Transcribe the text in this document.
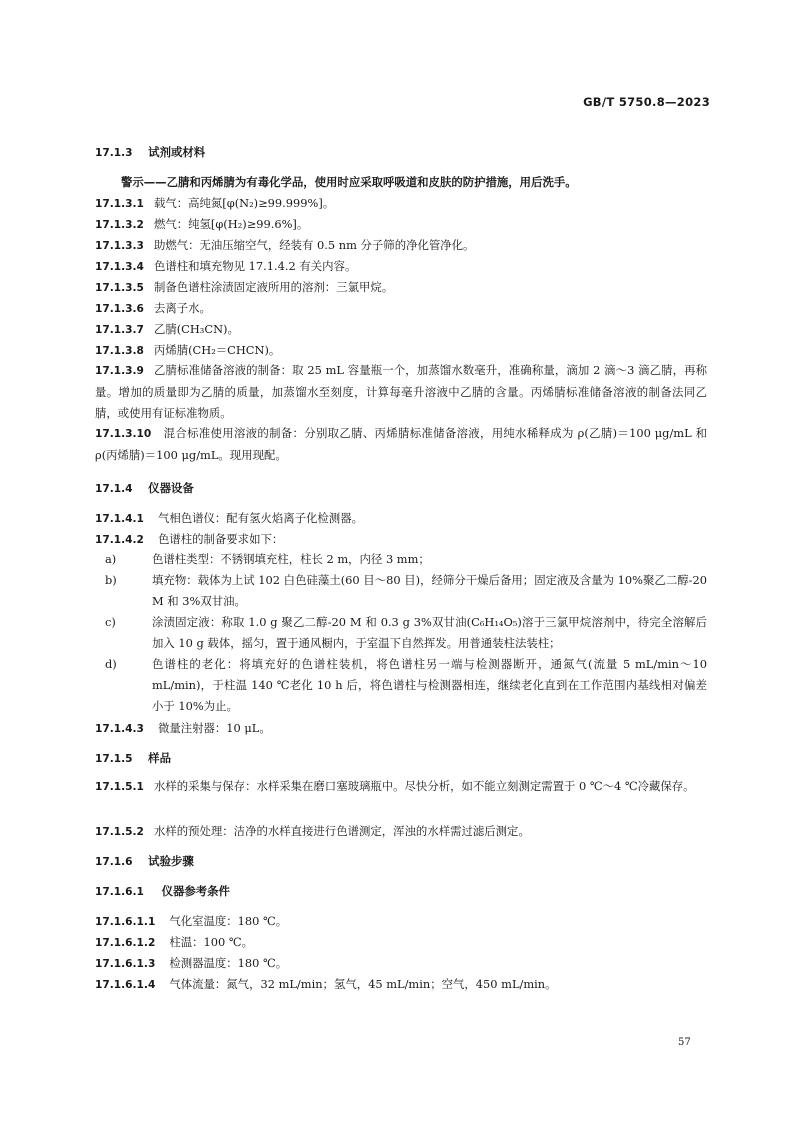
GB/T 5750.8—2023
17.1.3 试剂或材料
警示——乙腈和丙烯腈为有毒化学品，使用时应采取呼吸道和皮肤的防护措施，用后洗手。
17.1.3.1 载气：高纯氮[φ(N₂)≥99.999%]。
17.1.3.2 燃气：纯氢[φ(H₂)≥99.6%]。
17.1.3.3 助燃气：无油压缩空气，经装有 0.5 nm 分子筛的净化管净化。
17.1.3.4 色谱柱和填充物见 17.1.4.2 有关内容。
17.1.3.5 制备色谱柱涂渍固定液所用的溶剂：三氯甲烷。
17.1.3.6 去离子水。
17.1.3.7 乙腈(CH₃CN)。
17.1.3.8 丙烯腈(CH₂＝CHCN)。
17.1.3.9 乙腈标准储备溶液的制备：取 25 mL 容量瓶一个，加蒸馏水数毫升，准确称量，滴加 2 滴～3 滴乙腈，再称量。增加的质量即为乙腈的质量，加蒸馏水至刻度，计算每毫升溶液中乙腈的含量。丙烯腈标准储备溶液的制备法同乙腈，或使用有证标准物质。
17.1.3.10 混合标准使用溶液的制备：分别取乙腈、丙烯腈标准储备溶液，用纯水稀释成为 ρ(乙腈)＝100 μg/mL 和 ρ(丙烯腈)＝100 μg/mL。现用现配。
17.1.4 仪器设备
17.1.4.1 气相色谱仪：配有氢火焰离子化检测器。
17.1.4.2 色谱柱的制备要求如下：
a)	色谱柱类型：不锈钢填充柱，柱长 2 m，内径 3 mm；
b)	填充物：载体为上试 102 白色硅藻土(60 目～80 目)，经筛分干燥后备用；固定液及含量为 10%聚乙二醇-20 M 和 3%双甘油。
c)	涂渍固定液：称取 1.0 g 聚乙二醇-20 M 和 0.3 g 3%双甘油(C₆H₁₄O₅)溶于三氯甲烷溶剂中，待完全溶解后加入 10 g 载体，摇匀，置于通风橱内，于室温下自然挥发。用普通装柱法装柱；
d)	色谱柱的老化：将填充好的色谱柱装机，将色谱柱另一端与检测器断开，通氮气(流量 5 mL/min～10 mL/min)，于柱温 140 ℃老化 10 h 后，将色谱柱与检测器相连，继续老化直到在工作范围内基线相对偏差小于 10%为止。
17.1.4.3 微量注射器：10 μL。
17.1.5 样品
17.1.5.1 水样的采集与保存：水样采集在磨口塞玻璃瓶中。尽快分析，如不能立刻测定需置于 0 ℃～4 ℃冷藏保存。
17.1.5.2 水样的预处理：洁净的水样直接进行色谱测定，浑浊的水样需过滤后测定。
17.1.6 试验步骤
17.1.6.1 仪器参考条件
17.1.6.1.1 气化室温度：180 ℃。
17.1.6.1.2 柱温：100 ℃。
17.1.6.1.3 检测器温度：180 ℃。
17.1.6.1.4 气体流量：氮气，32 mL/min；氢气，45 mL/min；空气，450 mL/min。
57
